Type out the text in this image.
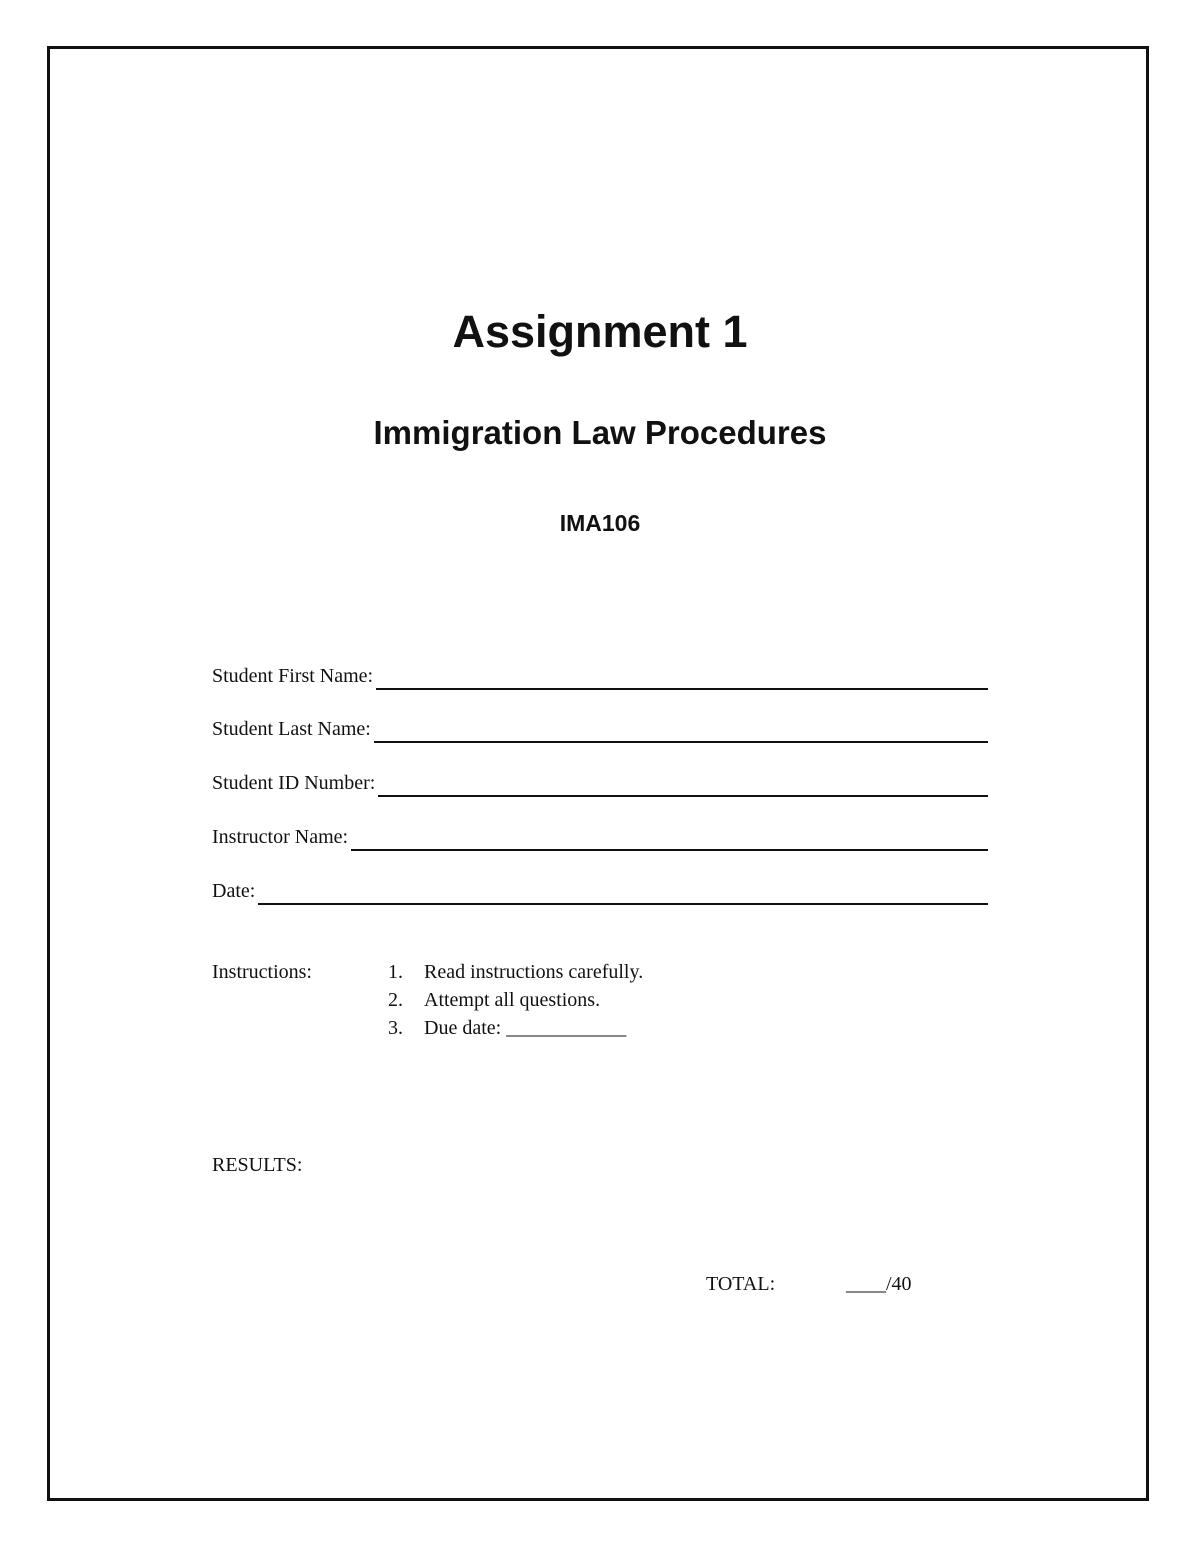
Assignment 1
Immigration Law Procedures
IMA106
Student First Name:
Student Last Name:
Student ID Number:
Instructor Name:
Date:
Instructions:	1.	Read instructions carefully.
2.	Attempt all questions.
3.	Due date: ____________
RESULTS:
TOTAL:	____/40
